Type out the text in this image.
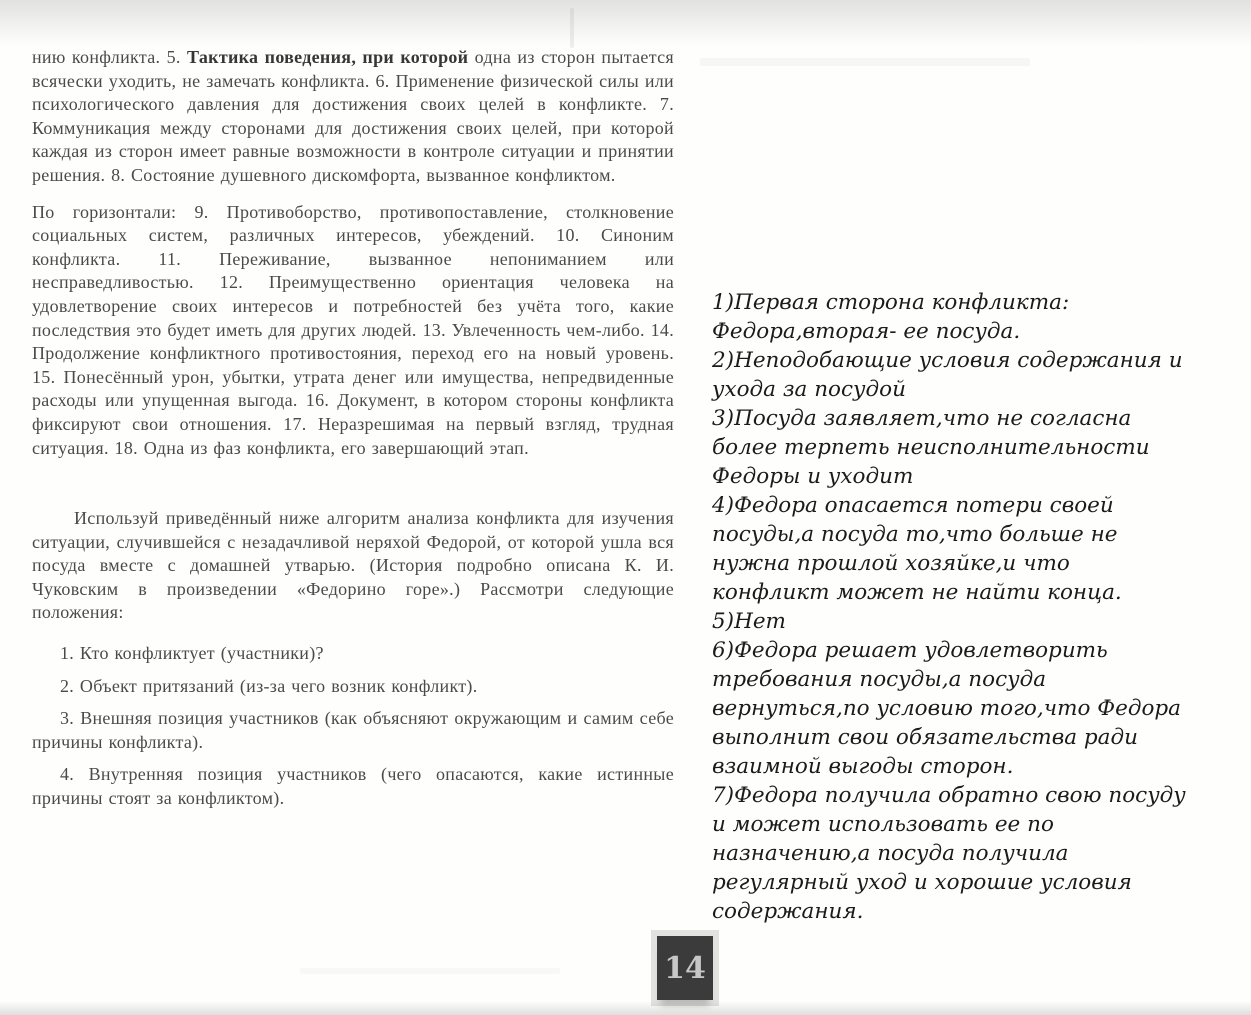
нию конфликта. 5. Тактика поведения, при которой одна из сторон пытается всячески уходить, не замечать конфликта. 6. Применение физической силы или психологического давления для достижения своих целей в конфликте. 7. Коммуникация между сторонами для достижения своих целей, при которой каждая из сторон имеет равные возможности в контроле ситуации и принятии решения. 8. Состояние душевного дискомфорта, вызванное конфликтом.

По горизонтали: 9. Противоборство, противопоставление, столкновение социальных систем, различных интересов, убеждений. 10. Синоним конфликта. 11. Переживание, вызванное непониманием или несправедливостью. 12. Преимущественно ориентация человека на удовлетворение своих интересов и потребностей без учёта того, какие последствия это будет иметь для других людей. 13. Увлеченность чем-либо. 14. Продолжение конфликтного противостояния, переход его на новый уровень. 15. Понесённый урон, убытки, утрата денег или имущества, непредвиденные расходы или упущенная выгода. 16. Документ, в котором стороны конфликта фиксируют свои отношения. 17. Неразрешимая на первый взгляд, трудная ситуация. 18. Одна из фаз конфликта, его завершающий этап.

Используй приведённый ниже алгоритм анализа конфликта для изучения ситуации, случившейся с незадачливой неряхой Федорой, от которой ушла вся посуда вместе с домашней утварью. (История подробно описана К. И. Чуковским в произведении «Федорино горе».) Рассмотри следующие положения:

1. Кто конфликтует (участники)?

2. Объект притязаний (из-за чего возник конфликт).

3. Внешняя позиция участников (как объясняют окружающим и самим себе причины конфликта).

4. Внутренняя позиция участников (чего опасаются, какие истинные причины стоят за конфликтом).

1)Первая сторона конфликта: Федора,вторая- ее посуда.

2)Неподобающие условия содержания и ухода за посудой

3)Посуда заявляет,что не согласна более терпеть неисполнительности Федоры и уходит

4)Федора опасается потери своей посуды,а посуда то,что больше не нужна прошлой хозяйке,и что конфликт может не найти конца.

5)Нет

6)Федора решает удовлетворить требования посуды,а посуда вернуться,по условию того,что Федора выполнит свои обязательства ради взаимной выгоды сторон.

7)Федора получила обратно свою посуду и может использовать ее по назначению,а посуда получила регулярный уход и хорошие условия содержания.

14
